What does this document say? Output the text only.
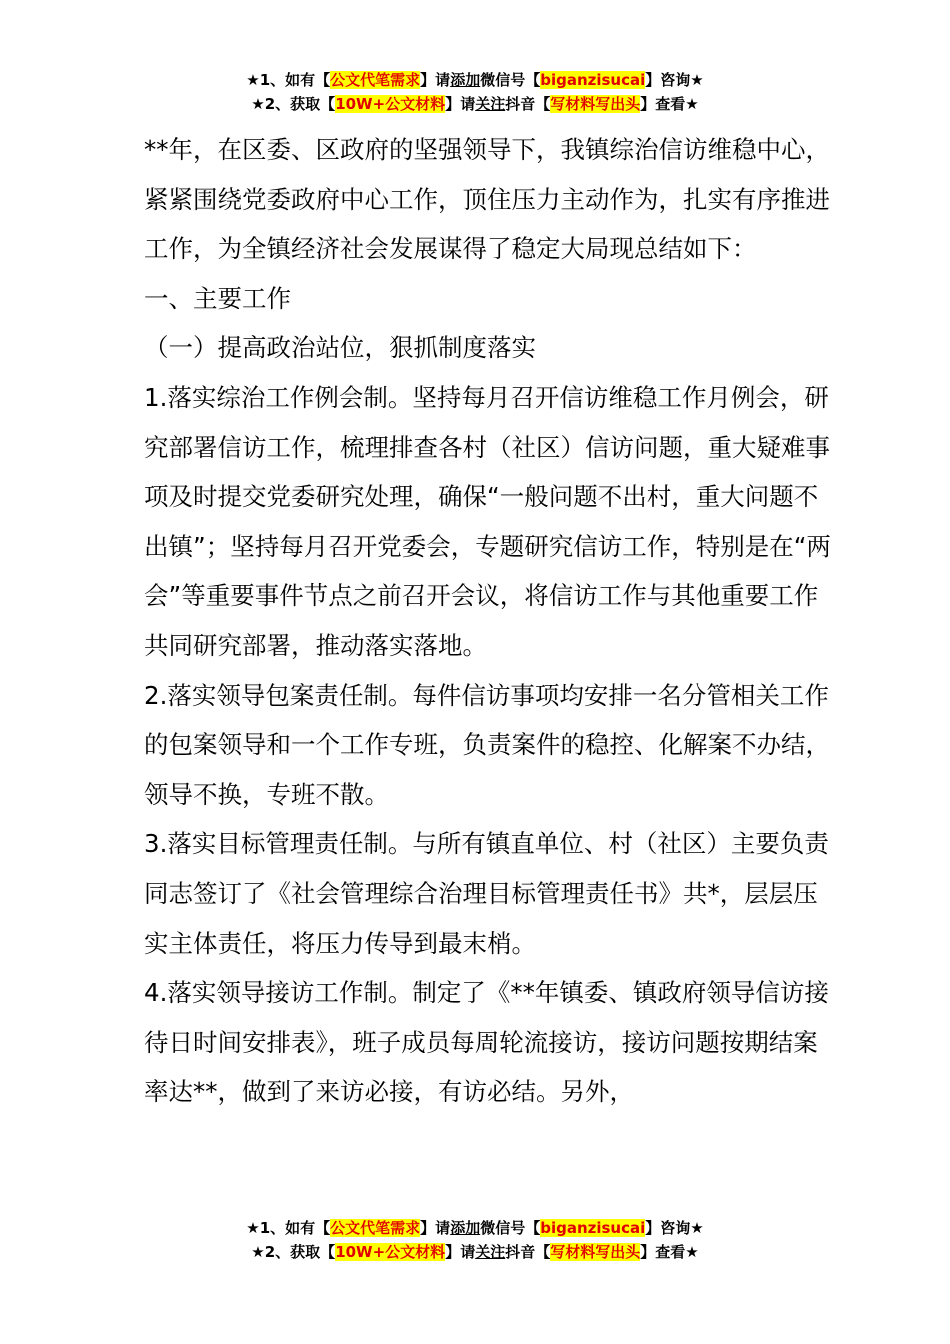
★1、如有【公文代笔需求】请添加微信号【biganzisucai】咨询★
★2、获取【10W+公文材料】请关注抖音【写材料写出头】查看★

**年，在区委、区政府的坚强领导下，我镇综治信访维稳中心，紧紧围绕党委政府中心工作，顶住压力主动作为，扎实有序推进工作，为全镇经济社会发展谋得了稳定大局现总结如下：

一、主要工作

（一）提高政治站位，狠抓制度落实

1.落实综治工作例会制。坚持每月召开信访维稳工作月例会，研究部署信访工作，梳理排查各村（社区）信访问题，重大疑难事项及时提交党委研究处理，确保“一般问题不出村，重大问题不出镇”；坚持每月召开党委会，专题研究信访工作，特别是在“两会”等重要事件节点之前召开会议，将信访工作与其他重要工作共同研究部署，推动落实落地。

2.落实领导包案责任制。每件信访事项均安排一名分管相关工作的包案领导和一个工作专班，负责案件的稳控、化解案不办结，领导不换，专班不散。

3.落实目标管理责任制。与所有镇直单位、村（社区）主要负责同志签订了《社会管理综合治理目标管理责任书》共*，层层压实主体责任，将压力传导到最末梢。

4.落实领导接访工作制。制定了《**年镇委、镇政府领导信访接待日时间安排表》，班子成员每周轮流接访，接访问题按期结案率达**，做到了来访必接，有访必结。另外，

★1、如有【公文代笔需求】请添加微信号【biganzisucai】咨询★
★2、获取【10W+公文材料】请关注抖音【写材料写出头】查看★
